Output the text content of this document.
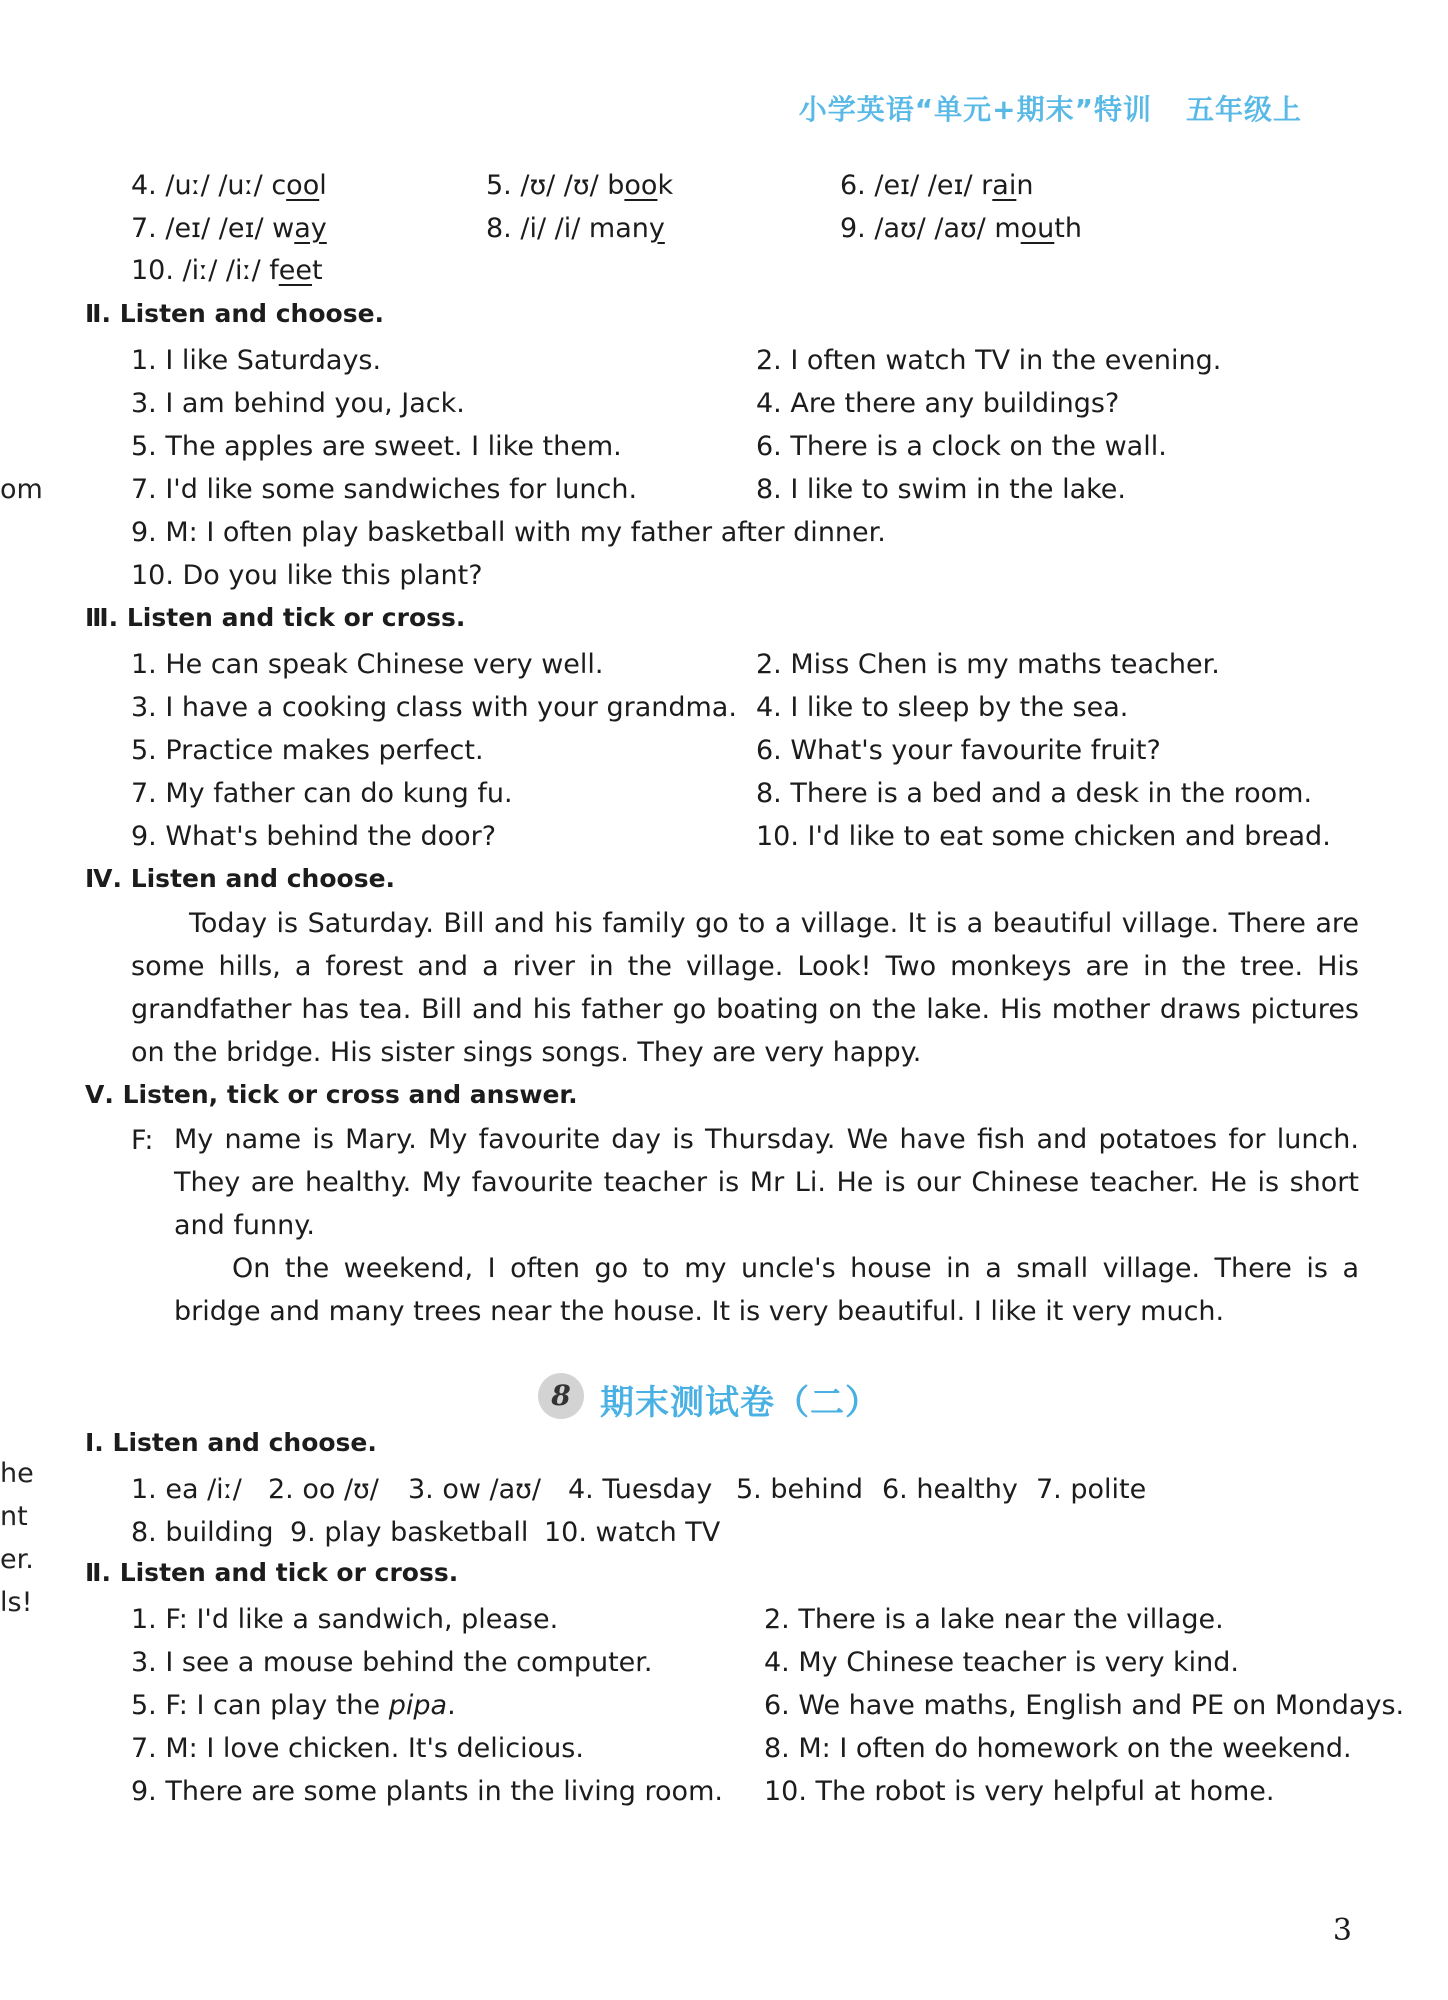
小学英语“单元+期末”特训 五年级上
4. /uː/ /uː/ cool	5. /ʊ/ /ʊ/ book	6. /eɪ/ /eɪ/ rain
7. /eɪ/ /eɪ/ way	8. /i/ /i/ many	9. /aʊ/ /aʊ/ mouth
10. /iː/ /iː/ feet
Ⅱ. Listen and choose.
1. I like Saturdays.	2. I often watch TV in the evening.
3. I am behind you, Jack.	4. Are there any buildings?
5. The apples are sweet. I like them.	6. There is a clock on the wall.
7. I'd like some sandwiches for lunch.	8. I like to swim in the lake.
9. M: I often play basketball with my father after dinner.
10. Do you like this plant?
Ⅲ. Listen and tick or cross.
1. He can speak Chinese very well.	2. Miss Chen is my maths teacher.
3. I have a cooking class with your grandma. 4. I like to sleep by the sea.
5. Practice makes perfect.	6. What's your favourite fruit?
7. My father can do kung fu.	8. There is a bed and a desk in the room.
9. What's behind the door?	10. I'd like to eat some chicken and bread.
Ⅳ. Listen and choose.
Today is Saturday. Bill and his family go to a village. It is a beautiful village. There are some hills, a forest and a river in the village. Look! Two monkeys are in the tree. His grandfather has tea. Bill and his father go boating on the lake. His mother draws pictures on the bridge. His sister sings songs. They are very happy.
Ⅴ. Listen, tick or cross and answer.
F: My name is Mary. My favourite day is Thursday. We have fish and potatoes for lunch. They are healthy. My favourite teacher is Mr Li. He is our Chinese teacher. He is short and funny.
On the weekend, I often go to my uncle's house in a small village. There is a bridge and many trees near the house. It is very beautiful. I like it very much.
8 期末测试卷（二）
Ⅰ. Listen and choose.
1. ea /iː/ 2. oo /ʊ/ 3. ow /aʊ/ 4. Tuesday 5. behind 6. healthy 7. polite
8. building 9. play basketball 10. watch TV
Ⅱ. Listen and tick or cross.
1. F: I'd like a sandwich, please.	2. There is a lake near the village.
3. I see a mouse behind the computer.	4. My Chinese teacher is very kind.
5. F: I can play the pipa.	6. We have maths, English and PE on Mondays.
7. M: I love chicken. It's delicious.	8. M: I often do homework on the weekend.
9. There are some plants in the living room. 10. The robot is very helpful at home.
om
he
nt
er.
ls!
3
